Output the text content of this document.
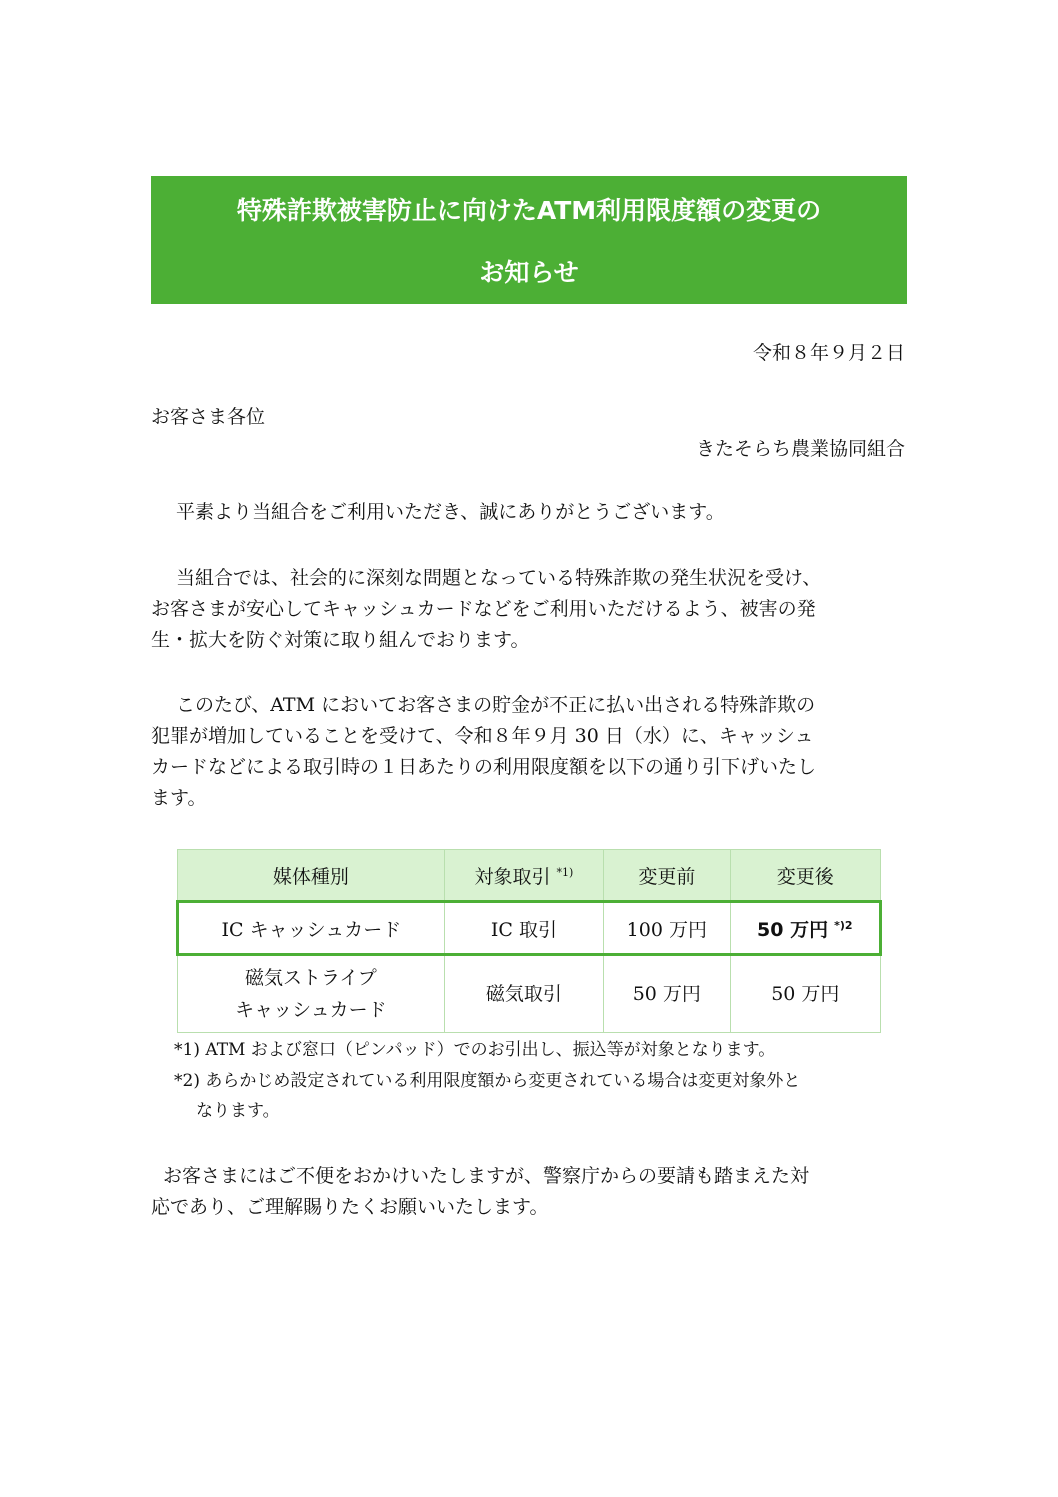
特殊詐欺被害防止に向けたATM利用限度額の変更の
お知らせ
令和８年９月２日
お客さま各位
きたそらち農業協同組合
平素より当組合をご利用いただき、誠にありがとうございます。
当組合では、社会的に深刻な問題となっている特殊詐欺の発生状況を受け、
お客さまが安心してキャッシュカードなどをご利用いただけるよう、被害の発
生・拡大を防ぐ対策に取り組んでおります。
このたび、ATM においてお客さまの貯金が不正に払い出される特殊詐欺の
犯罪が増加していることを受けて、令和８年９月 30 日（水）に、キャッシュ
カードなどによる取引時の１日あたりの利用限度額を以下の通り引下げいたし
ます。
媒体種別	対象取引 $^{*1)}$	変更前	変更後
IC キャッシュカード	IC 取引	100 万円	50 万円 $^{*)2}$

磁気ストライプ
キャッシュカード	磁気取引	50 万円	50 万円
*1) ATM および窓口（ピンパッド）でのお引出し、振込等が対象となります。
*2) あらかじめ設定されている利用限度額から変更されている場合は変更対象外と
なります。
お客さまにはご不便をおかけいたしますが、警察庁からの要請も踏まえた対
応であり、ご理解賜りたくお願いいたします。
